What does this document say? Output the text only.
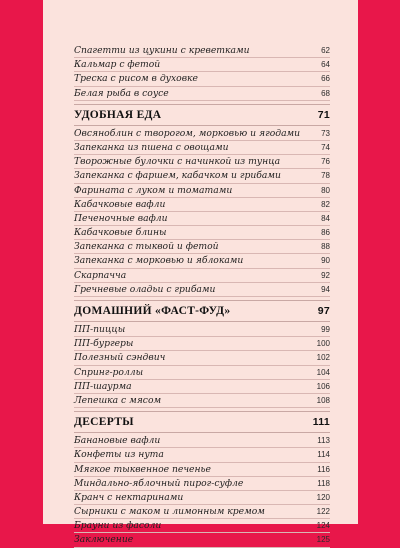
Спагетти из цукини с креветками	62
Кальмар с фетой	64
Треска с рисом в духовке	66
Белая рыба в соусе	68
УДОБНАЯ ЕДА	71
Овсяноблин с творогом, морковью и ягодами	73
Запеканка из пшена с овощами	74
Творожные булочки с начинкой из тунца	76
Запеканка с фаршем, кабачком и грибами	78
Фаринатa с луком и томатами	80
Кабачковые вафли	82
Печеночные вафли	84
Кабачковые блины	86
Запеканка с тыквой и фетой	88
Запеканка с морковью и яблоками	90
Скарпачча	92
Гречневые оладьи с грибами	94
ДОМАШНИЙ «ФАСТ-ФУД»	97
ПП-пиццы	99
ПП-бургеры	100
Полезный сэндвич	102
Спринг-роллы	104
ПП-шаурма	106
Лепешка с мясом	108
ДЕСЕРТЫ	111
Банановые вафли	113
Конфеты из нута	114
Мягкое тыквенное печенье	116
Миндально-яблочный пирог-суфле	118
Кранч с нектаринами	120
Сырники с маком и лимонным кремом	122
Брауни из фасоли	124
Заключение	125
